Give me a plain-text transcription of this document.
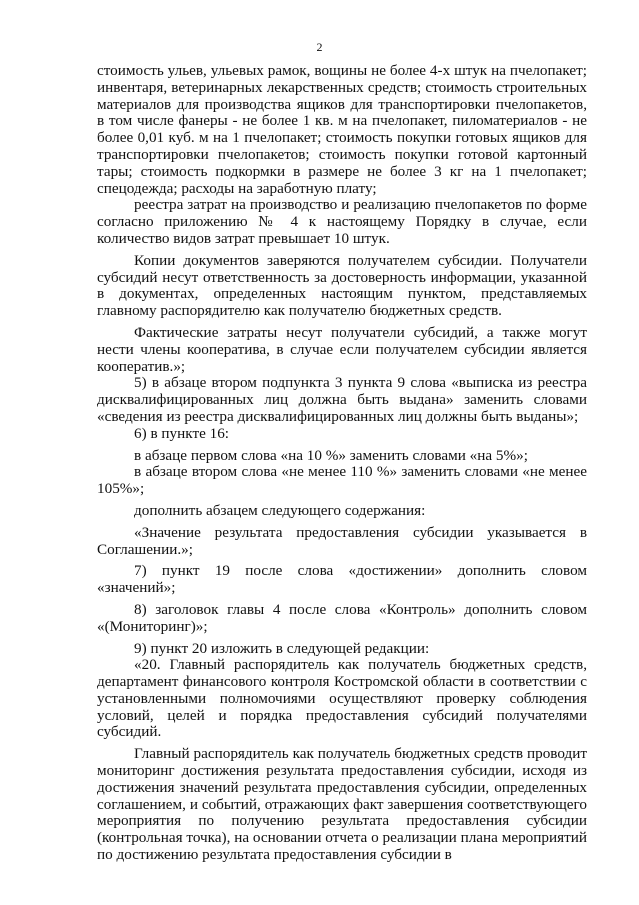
2

стоимость ульев, ульевых рамок, вощины не более 4-х штук на пчелопакет; инвентаря, ветеринарных лекарственных средств; стоимость строительных материалов для производства ящиков для транспортировки пчелопакетов, в том числе фанеры - не более 1 кв. м на пчелопакет, пиломатериалов - не более 0,01 куб. м на 1 пчелопакет; стоимость покупки готовых ящиков для транспортировки пчелопакетов; стоимость покупки готовой картонный тары; стоимость подкормки в размере не более 3 кг на 1 пчелопакет; спецодежда; расходы на заработную плату;

реестра затрат на производство и реализацию пчелопакетов по форме согласно приложению № 4 к настоящему Порядку в случае, если количество видов затрат превышает 10 штук.

Копии документов заверяются получателем субсидии. Получатели субсидий несут ответственность за достоверность информации, указанной в документах, определенных настоящим пунктом, представляемых главному распорядителю как получателю бюджетных средств.

Фактические затраты несут получатели субсидий, а также могут нести члены кооператива, в случае если получателем субсидии является кооператив.»;

5) в абзаце втором подпункта 3 пункта 9 слова «выписка из реестра дисквалифицированных лиц должна быть выдана» заменить словами «сведения из реестра дисквалифицированных лиц должны быть выданы»;

6) в пункте 16:

в абзаце первом слова «на 10 %» заменить словами «на 5%»;

в абзаце втором слова «не менее 110 %» заменить словами «не менее 105%»;

дополнить абзацем следующего содержания:

«Значение результата предоставления субсидии указывается в Соглашении.»;

7) пункт 19 после слова «достижении» дополнить словом «значений»;

8) заголовок главы 4 после слова «Контроль» дополнить словом «(Мониторинг)»;

9) пункт 20 изложить в следующей редакции:

«20. Главный распорядитель как получатель бюджетных средств, департамент финансового контроля Костромской области в соответствии с установленными полномочиями осуществляют проверку соблюдения условий, целей и порядка предоставления субсидий получателями субсидий.

Главный распорядитель как получатель бюджетных средств проводит мониторинг достижения результата предоставления субсидии, исходя из достижения значений результата предоставления субсидии, определенных соглашением, и событий, отражающих факт завершения соответствующего мероприятия по получению результата предоставления субсидии (контрольная точка), на основании отчета о реализации плана мероприятий по достижению результата предоставления субсидии в
